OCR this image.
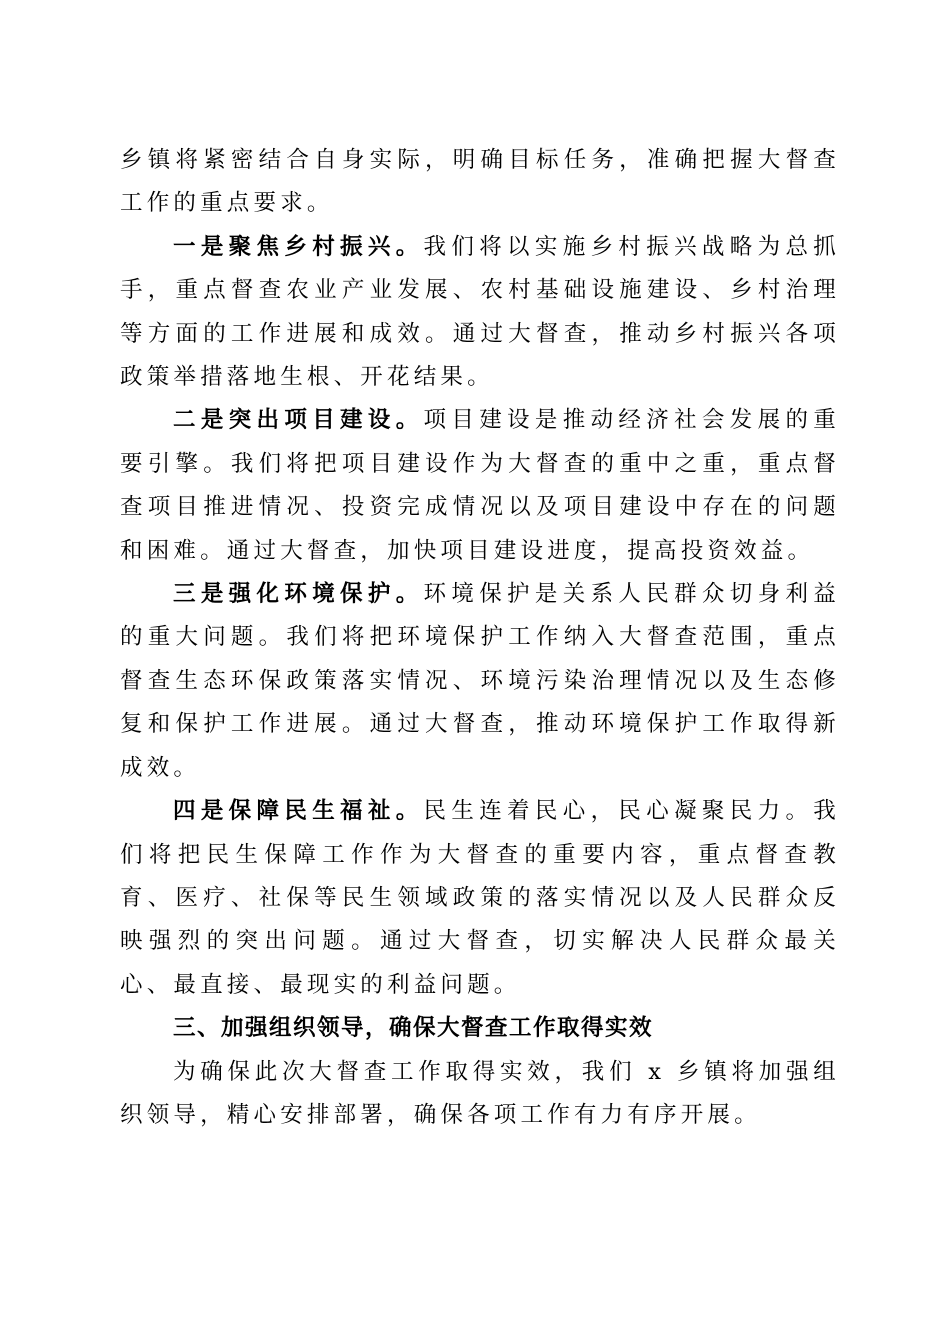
乡镇将紧密结合自身实际，明确目标任务，准确把握大督查工作的重点要求。

一是聚焦乡村振兴。我们将以实施乡村振兴战略为总抓手，重点督查农业产业发展、农村基础设施建设、乡村治理等方面的工作进展和成效。通过大督查，推动乡村振兴各项政策举措落地生根、开花结果。

二是突出项目建设。项目建设是推动经济社会发展的重要引擎。我们将把项目建设作为大督查的重中之重，重点督查项目推进情况、投资完成情况以及项目建设中存在的问题和困难。通过大督查，加快项目建设进度，提高投资效益。

三是强化环境保护。环境保护是关系人民群众切身利益的重大问题。我们将把环境保护工作纳入大督查范围，重点督查生态环保政策落实情况、环境污染治理情况以及生态修复和保护工作进展。通过大督查，推动环境保护工作取得新成效。

四是保障民生福祉。民生连着民心，民心凝聚民力。我们将把民生保障工作作为大督查的重要内容，重点督查教育、医疗、社保等民生领域政策的落实情况以及人民群众反映强烈的突出问题。通过大督查，切实解决人民群众最关心、最直接、最现实的利益问题。

三、加强组织领导，确保大督查工作取得实效

为确保此次大督查工作取得实效，我们 x 乡镇将加强组织领导，精心安排部署，确保各项工作有力有序开展。
